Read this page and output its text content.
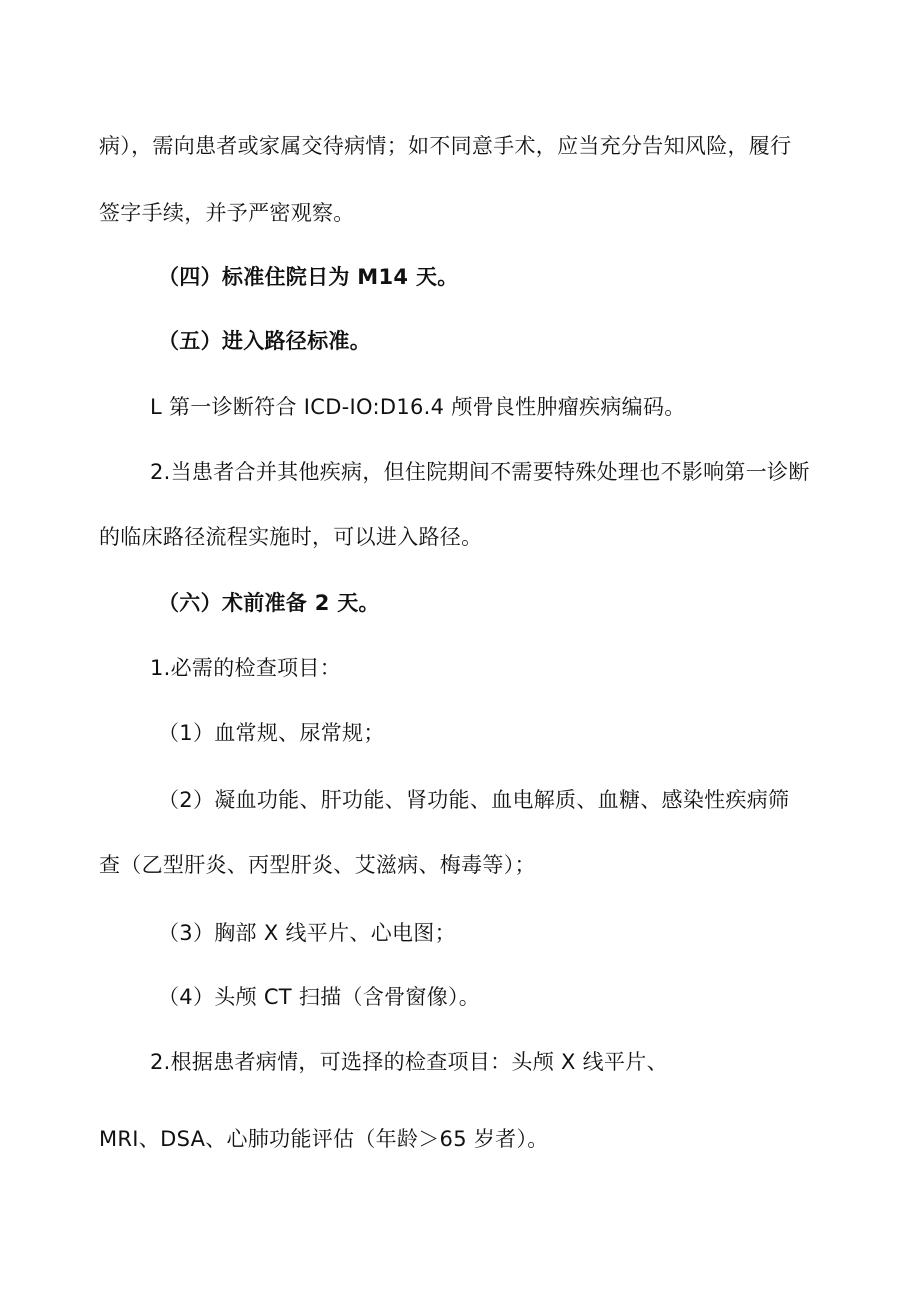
病），需向患者或家属交待病情；如不同意手术，应当充分告知风险，履行
签字手续，并予严密观察。
（四）标准住院日为 M14 天。
（五）进入路径标准。
L 第一诊断符合 ICD-IO:D16.4 颅骨良性肿瘤疾病编码。
2.当患者合并其他疾病，但住院期间不需要特殊处理也不影响第一诊断
的临床路径流程实施时，可以进入路径。
（六）术前准备 2 天。
1.必需的检查项目：
（1）血常规、尿常规；
（2）凝血功能、肝功能、肾功能、血电解质、血糖、感染性疾病筛
查（乙型肝炎、丙型肝炎、艾滋病、梅毒等）；
（3）胸部 X 线平片、心电图；
（4）头颅 CT 扫描（含骨窗像）。
2.根据患者病情，可选择的检查项目：头颅 X 线平片、
MRI、DSA、心肺功能评估（年龄＞65 岁者）。
